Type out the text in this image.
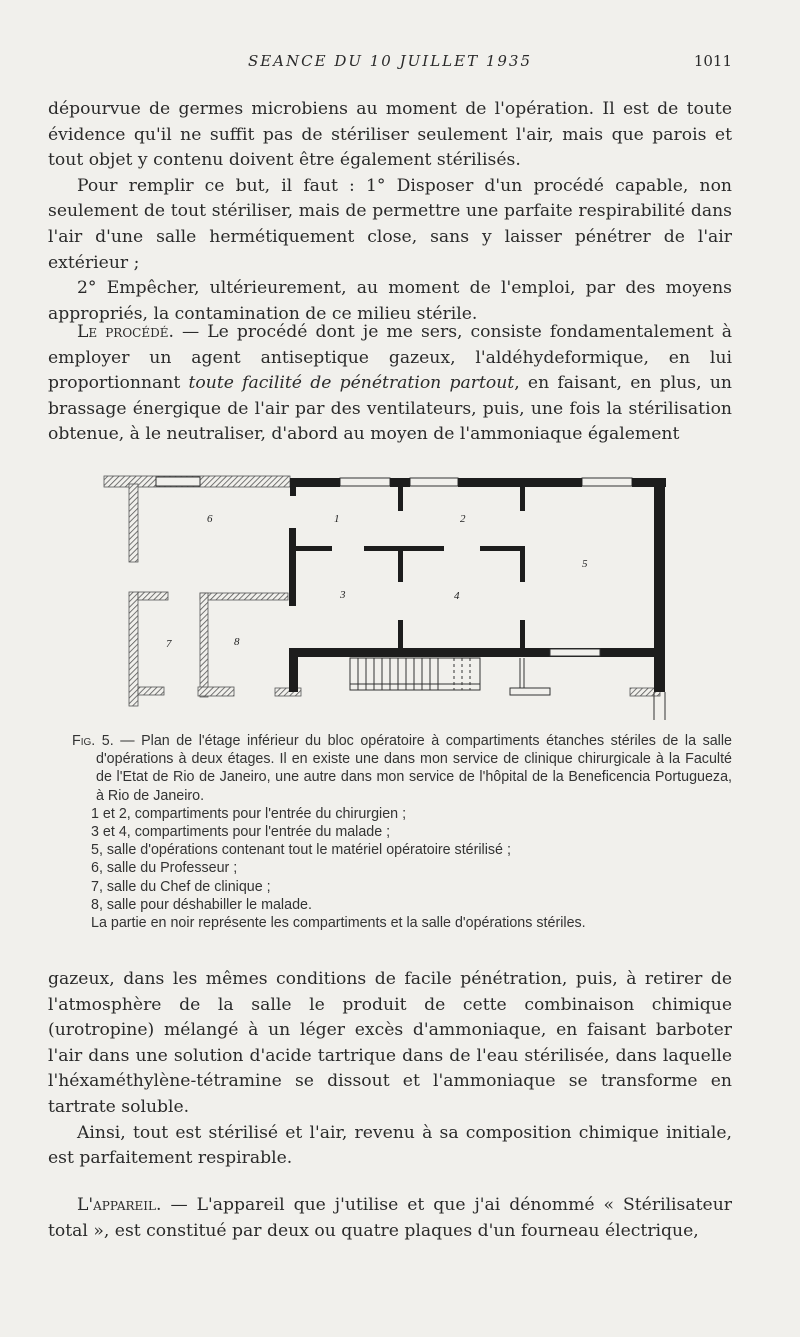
SEANCE DU 10 JUILLET 1935	1011

dépourvue de germes microbiens au moment de l'opération. Il est de toute évidence qu'il ne suffit pas de stériliser seulement l'air, mais que parois et tout objet y contenu doivent être également stérilisés.

Pour remplir ce but, il faut : 1° Disposer d'un procédé capable, non seulement de tout stériliser, mais de permettre une parfaite respirabilité dans l'air d'une salle hermétiquement close, sans y laisser pénétrer de l'air extérieur ;

2° Empêcher, ultérieurement, au moment de l'emploi, par des moyens appropriés, la contamination de ce milieu stérile.

Le procédé. — Le procédé dont je me sers, consiste fondamentalement à employer un agent antiseptique gazeux, l'aldéhydeformique, en lui proportionnant toute facilité de pénétration partout, en faisant, en plus, un brassage énergique de l'air par des ventilateurs, puis, une fois la stérilisation obtenue, à le neutraliser, d'abord au moyen de l'ammoniaque également

6	1	2
5
3	4
7	8

Fig. 5. — Plan de l'étage inférieur du bloc opératoire à compartiments étanches stériles de la salle d'opérations à deux étages. Il en existe une dans mon service de clinique chirurgicale à la Faculté de l'Etat de Rio de Janeiro, une autre dans mon service de l'hôpital de la Beneficencia Portugueza, à Rio de Janeiro.

1 et 2, compartiments pour l'entrée du chirurgien ;

3 et 4, compartiments pour l'entrée du malade ;

5, salle d'opérations contenant tout le matériel opératoire stérilisé ;

6, salle du Professeur ;

7, salle du Chef de clinique ;

8, salle pour déshabiller le malade.

La partie en noir représente les compartiments et la salle d'opérations stériles.

gazeux, dans les mêmes conditions de facile pénétration, puis, à retirer de l'atmosphère de la salle le produit de cette combinaison chimique (urotropine) mélangé à un léger excès d'ammoniaque, en faisant barboter l'air dans une solution d'acide tartrique dans de l'eau stérilisée, dans laquelle l'héxaméthylène-tétramine se dissout et l'ammoniaque se transforme en tartrate soluble.

Ainsi, tout est stérilisé et l'air, revenu à sa composition chimique initiale, est parfaitement respirable.

L'appareil. — L'appareil que j'utilise et que j'ai dénommé « Stérilisateur total », est constitué par deux ou quatre plaques d'un fourneau électrique,
